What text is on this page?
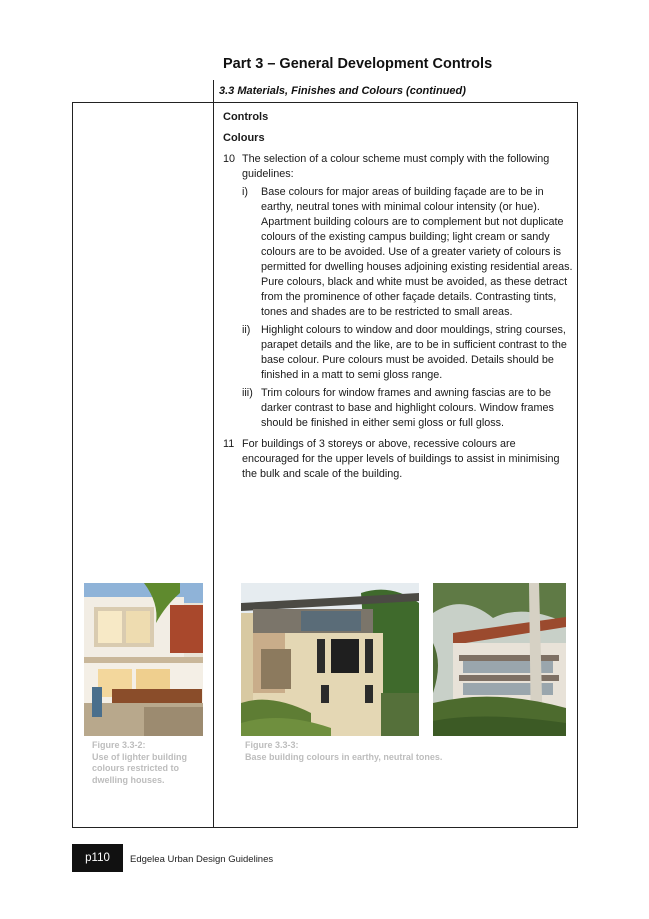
Part 3 – General Development Controls
3.3 Materials, Finishes and Colours (continued)
Controls
Colours
10 The selection of a colour scheme must comply with the following guidelines:
i)	Base colours for major areas of building façade are to be in earthy, neutral tones with minimal colour intensity (or hue). Apartment building colours are to complement but not duplicate colours of the existing campus building; light cream or sandy colours are to be avoided. Use of a greater variety of colours is permitted for dwelling houses adjoining existing residential areas. Pure colours, black and white must be avoided, as these detract from the prominence of other façade details. Contrasting tints, tones and shades are to be restricted to small areas.
ii) Highlight colours to window and door mouldings, string courses, parapet details and the like, are to be in sufficient contrast to the base colour. Pure colours must be avoided. Details should be finished in a matt to semi gloss range.
iii) Trim colours for window frames and awning fascias are to be darker contrast to base and highlight colours. Window frames should be finished in either semi gloss or full gloss.
11 For buildings of 3 storeys or above, recessive colours are encouraged for the upper levels of buildings to assist in minimising the bulk and scale of the building.
Figure 3.3-2:
Use of lighter building colours restricted to dwelling houses.
Figure 3.3-3:
Base building colours in earthy, neutral tones.
p110	Edgelea Urban Design Guidelines
